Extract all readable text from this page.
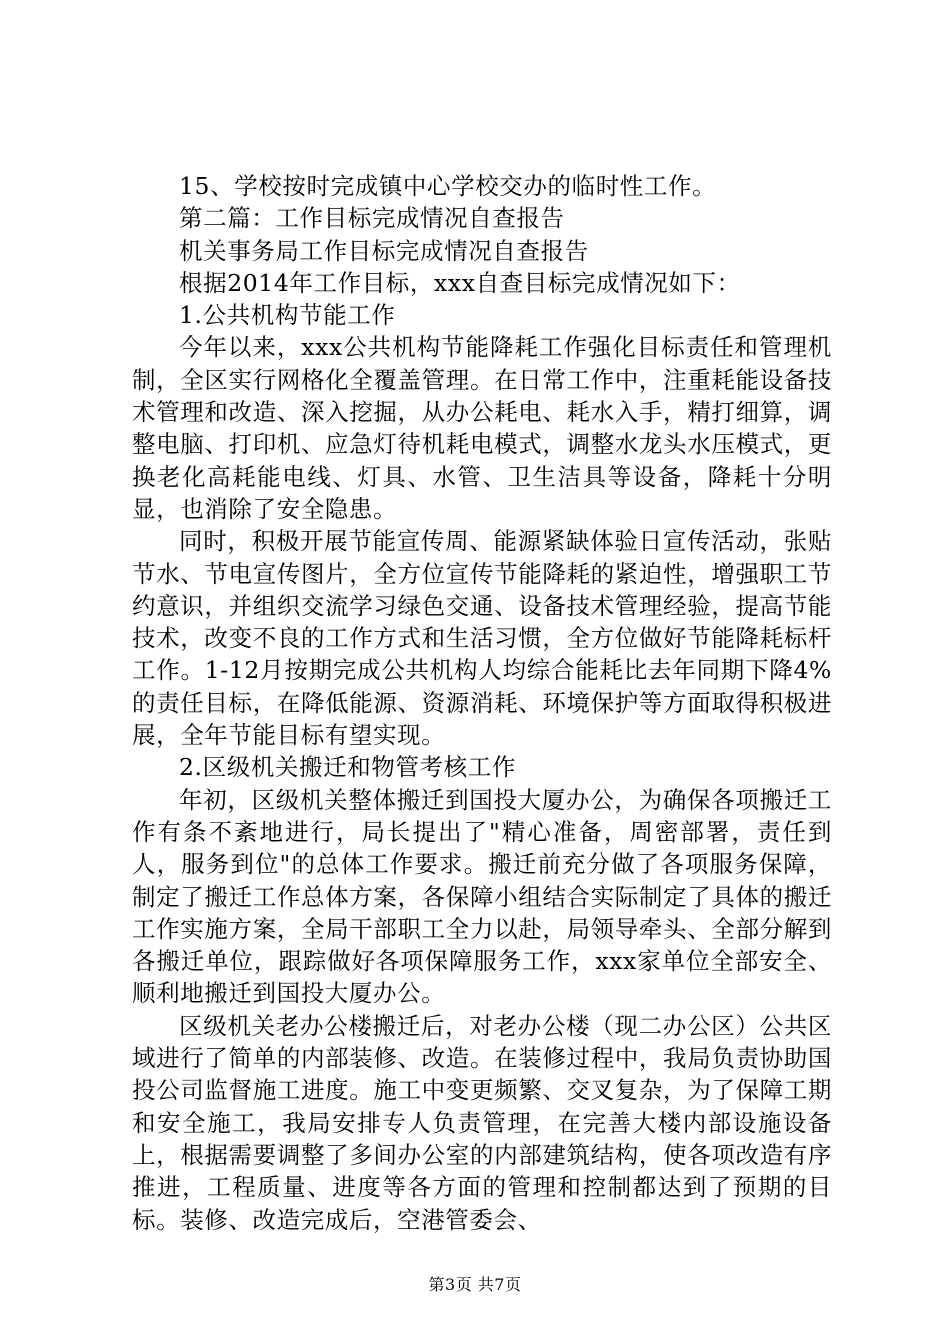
15、学校按时完成镇中心学校交办的临时性工作。
第二篇：工作目标完成情况自查报告
机关事务局工作目标完成情况自查报告
根据2014年工作目标，xxx自查目标完成情况如下：
1.公共机构节能工作

今年以来，xxx公共机构节能降耗工作强化目标责任和管理机制，全区实行网格化全覆盖管理。在日常工作中，注重耗能设备技术管理和改造、深入挖掘，从办公耗电、耗水入手，精打细算，调整电脑、打印机、应急灯待机耗电模式，调整水龙头水压模式，更换老化高耗能电线、灯具、水管、卫生洁具等设备，降耗十分明显，也消除了安全隐患。

同时，积极开展节能宣传周、能源紧缺体验日宣传活动，张贴节水、节电宣传图片，全方位宣传节能降耗的紧迫性，增强职工节约意识，并组织交流学习绿色交通、设备技术管理经验，提高节能技术，改变不良的工作方式和生活习惯，全方位做好节能降耗标杆工作。1-12月按期完成公共机构人均综合能耗比去年同期下降4%的责任目标，在降低能源、资源消耗、环境保护等方面取得积极进展，全年节能目标有望实现。

2.区级机关搬迁和物管考核工作

年初，区级机关整体搬迁到国投大厦办公，为确保各项搬迁工作有条不紊地进行，局长提出了"精心准备，周密部署，责任到人，服务到位"的总体工作要求。搬迁前充分做了各项服务保障，制定了搬迁工作总体方案，各保障小组结合实际制定了具体的搬迁工作实施方案，全局干部职工全力以赴，局领导牵头、全部分解到各搬迁单位，跟踪做好各项保障服务工作，xxx家单位全部安全、顺利地搬迁到国投大厦办公。

区级机关老办公楼搬迁后，对老办公楼（现二办公区）公共区域进行了简单的内部装修、改造。在装修过程中，我局负责协助国投公司监督施工进度。施工中变更频繁、交叉复杂，为了保障工期和安全施工，我局安排专人负责管理，在完善大楼内部设施设备上，根据需要调整了多间办公室的内部建筑结构，使各项改造有序推进，工程质量、进度等各方面的管理和控制都达到了预期的目标。装修、改造完成后，空港管委会、

第3页 共7页
